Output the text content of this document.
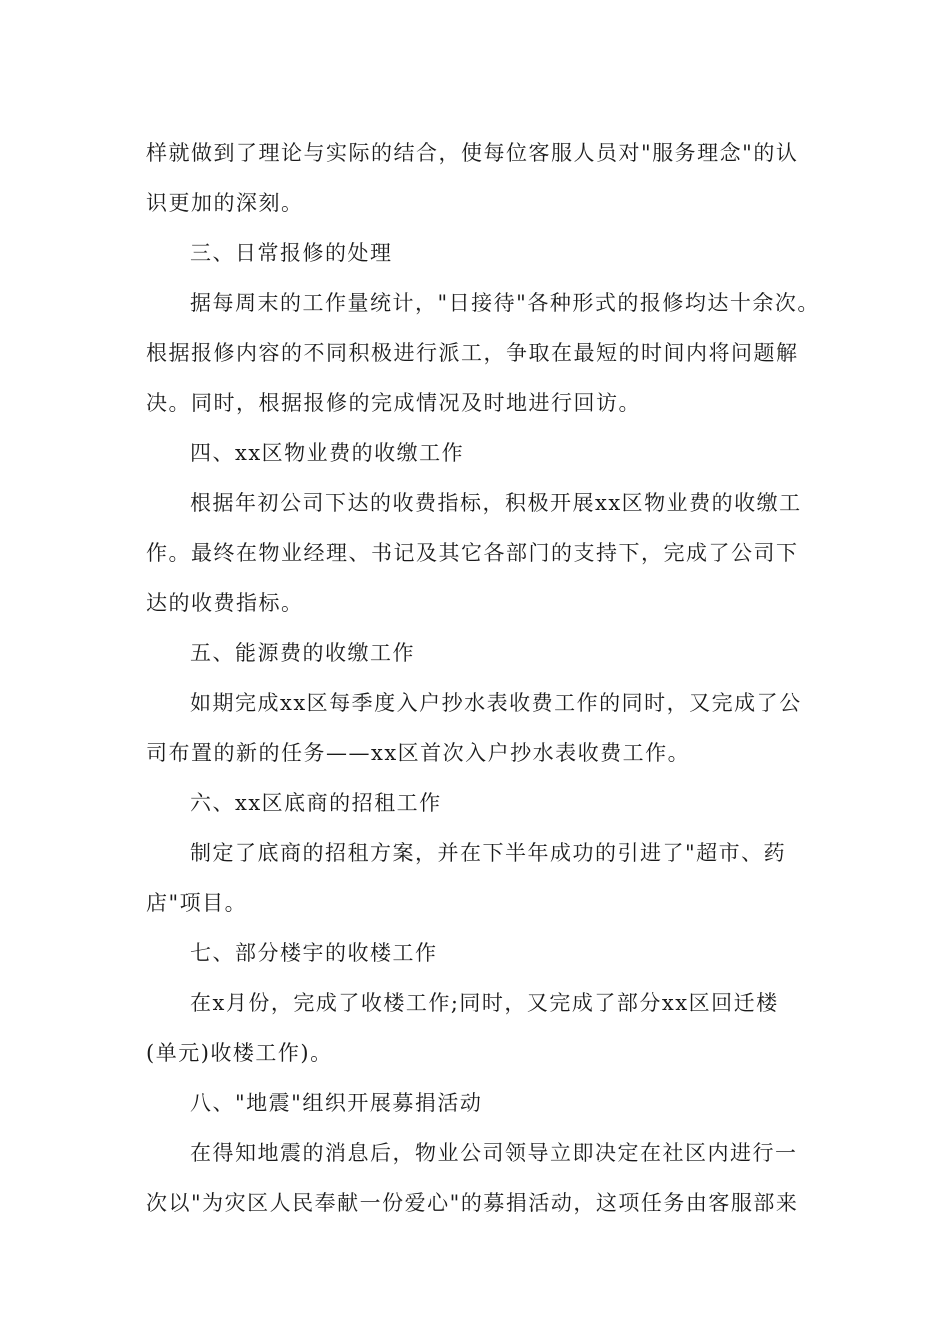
样就做到了理论与实际的结合，使每位客服人员对"服务理念"的认
识更加的深刻。
三、日常报修的处理
据每周末的工作量统计，"日接待"各种形式的报修均达十余次。
根据报修内容的不同积极进行派工，争取在最短的时间内将问题解
决。同时，根据报修的完成情况及时地进行回访。
四、xx区物业费的收缴工作
根据年初公司下达的收费指标，积极开展xx区物业费的收缴工
作。最终在物业经理、书记及其它各部门的支持下，完成了公司下
达的收费指标。
五、能源费的收缴工作
如期完成xx区每季度入户抄水表收费工作的同时，又完成了公
司布置的新的任务——xx区首次入户抄水表收费工作。
六、xx区底商的招租工作
制定了底商的招租方案，并在下半年成功的引进了"超市、药
店"项目。
七、部分楼宇的收楼工作
在x月份，完成了收楼工作;同时，又完成了部分xx区回迁楼
(单元)收楼工作)。
八、"地震"组织开展募捐活动
在得知地震的消息后，物业公司领导立即决定在社区内进行一
次以"为灾区人民奉献一份爱心"的募捐活动，这项任务由客服部来
